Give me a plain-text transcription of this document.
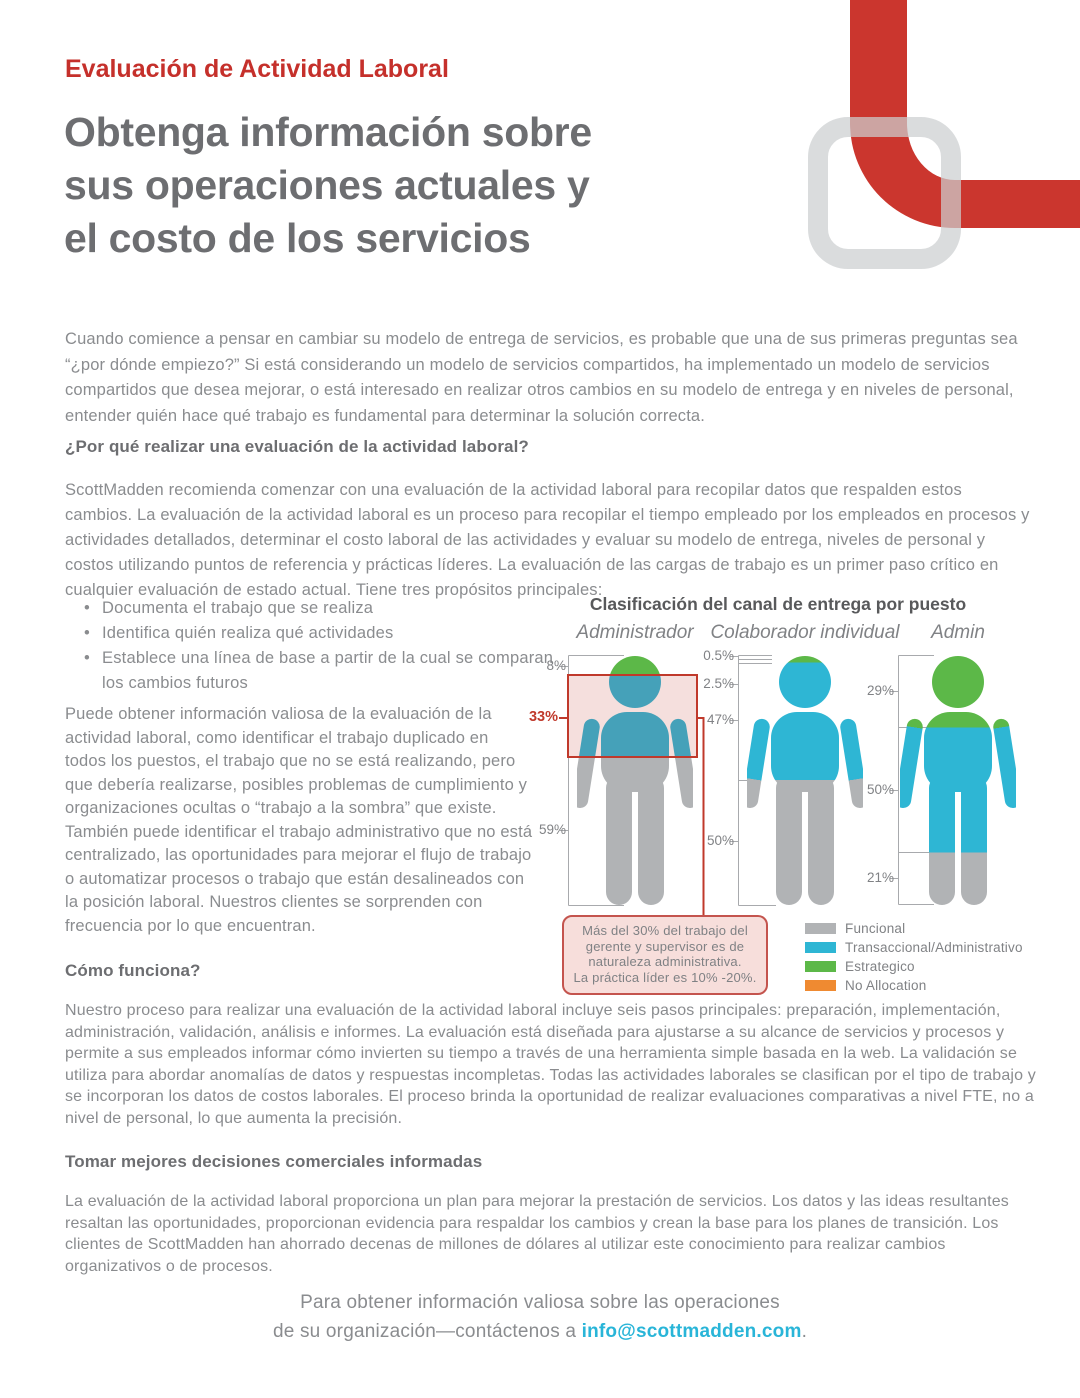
Evaluación de Actividad Laboral
Obtenga información sobre
sus operaciones actuales y
el costo de los servicios
Cuando comience a pensar en cambiar su modelo de entrega de servicios, es probable que una de sus primeras preguntas sea “¿por dónde empiezo?” Si está considerando un modelo de servicios compartidos, ha implementado un modelo de servicios compartidos que desea mejorar, o está interesado en realizar otros cambios en su modelo de entrega y en niveles de personal, entender quién hace qué trabajo es fundamental para determinar la solución correcta.
¿Por qué realizar una evaluación de la actividad laboral?
ScottMadden recomienda comenzar con una evaluación de la actividad laboral para recopilar datos que respalden estos cambios. La evaluación de la actividad laboral es un proceso para recopilar el tiempo empleado por los empleados en procesos y actividades detallados, determinar el costo laboral de las actividades y evaluar su modelo de entrega, niveles de personal y costos utilizando puntos de referencia y prácticas líderes. La evaluación de las cargas de trabajo es un primer paso crítico en cualquier evaluación de estado actual. Tiene tres propósitos principales:
• Documenta el trabajo que se realiza
• Identifica quién realiza qué actividades
• Establece una línea de base a partir de la cual se comparan los cambios futuros
Puede obtener información valiosa de la evaluación de la actividad laboral, como identificar el trabajo duplicado en todos los puestos, el trabajo que no se está realizando, pero que debería realizarse, posibles problemas de cumplimiento y organizaciones ocultas o “trabajo a la sombra” que existe. También puede identificar el trabajo administrativo que no está centralizado, las oportunidades para mejorar el flujo de trabajo o automatizar procesos o trabajo que están desalineados con la posición laboral. Nuestros clientes se sorprenden con frecuencia por lo que encuentran.
Clasificación del canal de entrega por puesto
Administrador Colaborador individual	Admin
8%
33%
59%
0.5%
2.5%
47%
50%
29%
50%
21%
Más del 30% del trabajo del
gerente y supervisor es de
naturaleza administrativa.
La práctica líder es 10% -20%.
Funcional
Transaccional/Administrativo
Estrategico
No Allocation
Cómo funciona?
Nuestro proceso para realizar una evaluación de la actividad laboral incluye seis pasos principales: preparación, implementación, administración, validación, análisis e informes. La evaluación está diseñada para ajustarse a su alcance de servicios y procesos y permite a sus empleados informar cómo invierten su tiempo a través de una herramienta simple basada en la web. La validación se utiliza para abordar anomalías de datos y respuestas incompletas. Todas las actividades laborales se clasifican por el tipo de trabajo y se incorporan los datos de costos laborales. El proceso brinda la oportunidad de realizar evaluaciones comparativas a nivel FTE, no a nivel de personal, lo que aumenta la precisión.
Tomar mejores decisiones comerciales informadas
La evaluación de la actividad laboral proporciona un plan para mejorar la prestación de servicios. Los datos y las ideas resultantes resaltan las oportunidades, proporcionan evidencia para respaldar los cambios y crean la base para los planes de transición. Los clientes de ScottMadden han ahorrado decenas de millones de dólares al utilizar este conocimiento para realizar cambios organizativos o de procesos.
Para obtener información valiosa sobre las operaciones
de su organización—contáctenos a info@scottmadden.com.
